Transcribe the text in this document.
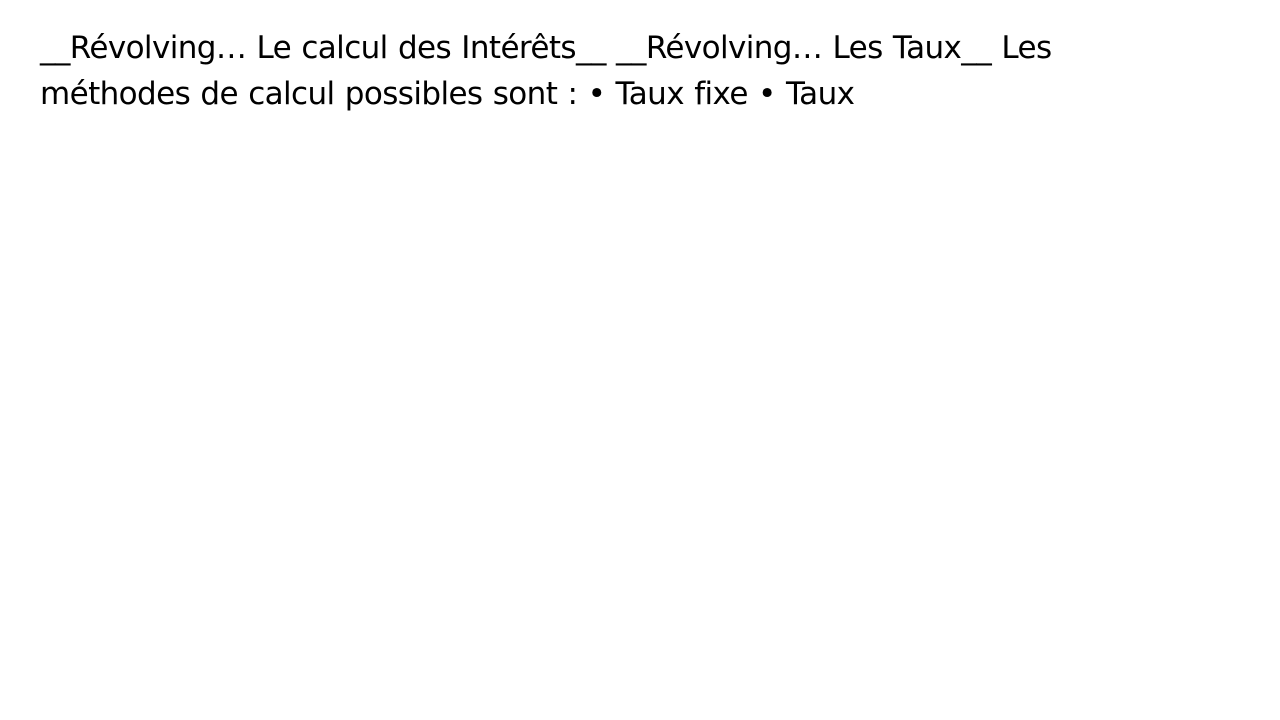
__Révolving… Le calcul des Intérêts__ __Révolving… Les Taux__ Les méthodes de calcul possibles sont : • Taux fixe • Taux
